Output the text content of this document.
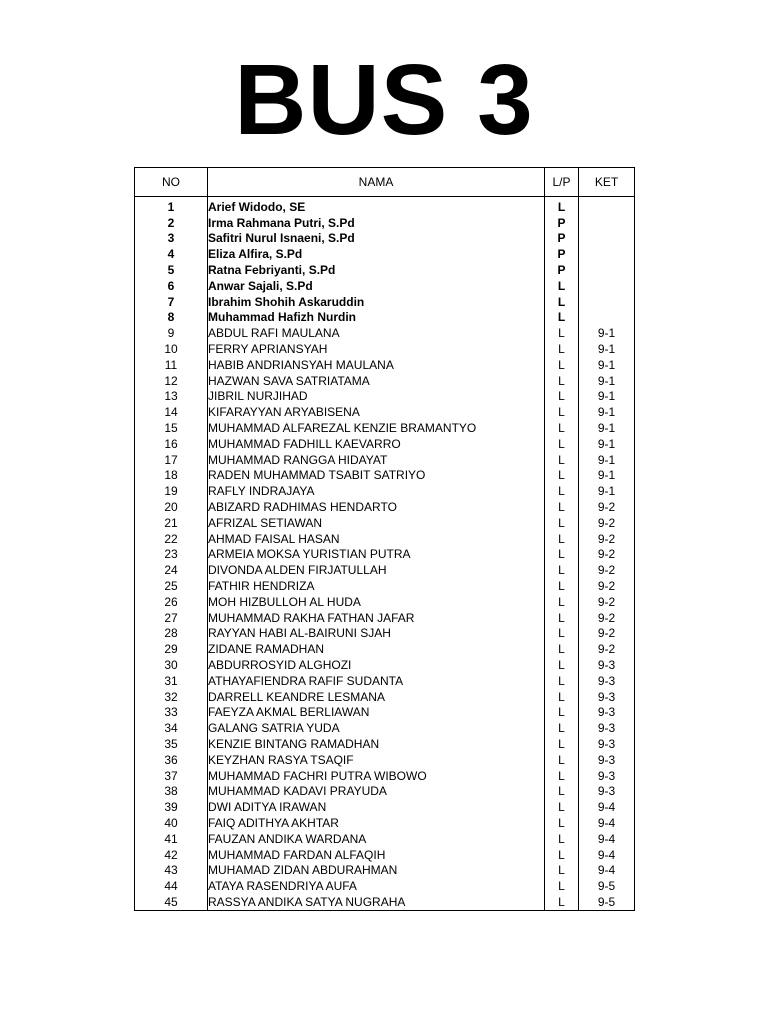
BUS 3
NO	NAMA	L/P	KET

1	Arief Widodo, SE	L	
2	Irma Rahmana Putri, S.Pd	P	
3	Safitri Nurul Isnaeni, S.Pd	P	
4	Eliza Alfira, S.Pd	P	
5	Ratna Febriyanti, S.Pd	P	
6	Anwar Sajali, S.Pd	L	
7	Ibrahim Shohih Askaruddin	L	
8	Muhammad Hafizh Nurdin	L	
9	ABDUL RAFI MAULANA	L	9-1
10	FERRY APRIANSYAH	L	9-1
11	HABIB ANDRIANSYAH MAULANA	L	9-1
12	HAZWAN SAVA SATRIATAMA	L	9-1
13	JIBRIL NURJIHAD	L	9-1
14	KIFARAYYAN ARYABISENA	L	9-1
15	MUHAMMAD ALFAREZAL KENZIE BRAMANTYO	L	9-1
16	MUHAMMAD FADHILL KAEVARRO	L	9-1
17	MUHAMMAD RANGGA HIDAYAT	L	9-1
18	RADEN MUHAMMAD TSABIT SATRIYO	L	9-1
19	RAFLY INDRAJAYA	L	9-1
20	ABIZARD RADHIMAS HENDARTO	L	9-2
21	AFRIZAL SETIAWAN	L	9-2
22	AHMAD FAISAL HASAN	L	9-2
23	ARMEIA MOKSA YURISTIAN PUTRA	L	9-2
24	DIVONDA ALDEN FIRJATULLAH	L	9-2
25	FATHIR HENDRIZA	L	9-2
26	MOH HIZBULLOH AL HUDA	L	9-2
27	MUHAMMAD RAKHA FATHAN JAFAR	L	9-2
28	RAYYAN HABI AL-BAIRUNI SJAH	L	9-2
29	ZIDANE RAMADHAN	L	9-2
30	ABDURROSYID ALGHOZI	L	9-3
31	ATHAYAFIENDRA RAFIF SUDANTA	L	9-3
32	DARRELL KEANDRE LESMANA	L	9-3
33	FAEYZA AKMAL BERLIAWAN	L	9-3
34	GALANG SATRIA YUDA	L	9-3
35	KENZIE BINTANG RAMADHAN	L	9-3
36	KEYZHAN RASYA TSAQIF	L	9-3
37	MUHAMMAD FACHRI PUTRA WIBOWO	L	9-3
38	MUHAMMAD KADAVI PRAYUDA	L	9-3
39	DWI ADITYA IRAWAN	L	9-4
40	FAIQ ADITHYA AKHTAR	L	9-4
41	FAUZAN ANDIKA WARDANA	L	9-4
42	MUHAMMAD FARDAN ALFAQIH	L	9-4
43	MUHAMAD ZIDAN ABDURAHMAN	L	9-4
44	ATAYA RASENDRIYA AUFA	L	9-5
45	RASSYA ANDIKA SATYA NUGRAHA	L	9-5
